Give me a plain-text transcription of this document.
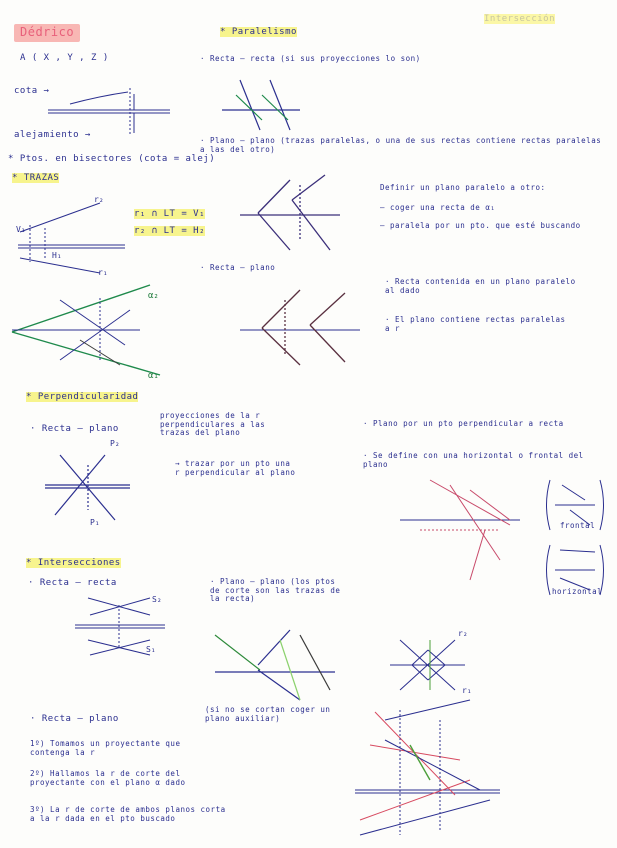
r₂
r₁
V₁
H₁
α₂
α₁
P₂
P₁
S₂
S₁
r₂
r₁
Dédrico
A ( X , Y , Z )
Intersección
cota →
alejamiento →
* Ptos. en bisectores (cota = alej)
* TRAZAS
r₁ ∩ LT = V₁
r₂ ∩ LT = H₂
* Perpendicularidad
· Recta – plano
proyecciones de la r perpendiculares a las trazas del plano
→ trazar por un pto una r perpendicular al plano
* Intersecciones
· Recta – recta
· Recta – plano
1º) Tomamos un proyectante que contenga la r
2º) Hallamos la r de corte del proyectante con el plano α dado
3º) La r de corte de ambos planos corta a la r dada en el pto buscado
* Paralelismo
· Recta – recta (si sus proyecciones lo son)
· Plano – plano (trazas paralelas, o una de sus rectas contiene rectas paralelas a las del otro)
· Recta – plano
· Plano – plano (los ptos de corte son las trazas de la recta)
(si no se cortan coger un plano auxiliar)
Definir un plano paralelo a otro:
– coger una recta de α₁
– paralela por un pto. que esté buscando
· Recta contenida en un plano paralelo al dado
· El plano contiene rectas paralelas a r
· Plano por un pto perpendicular a recta
· Se define con una horizontal o frontal del plano
frontal
horizontal
